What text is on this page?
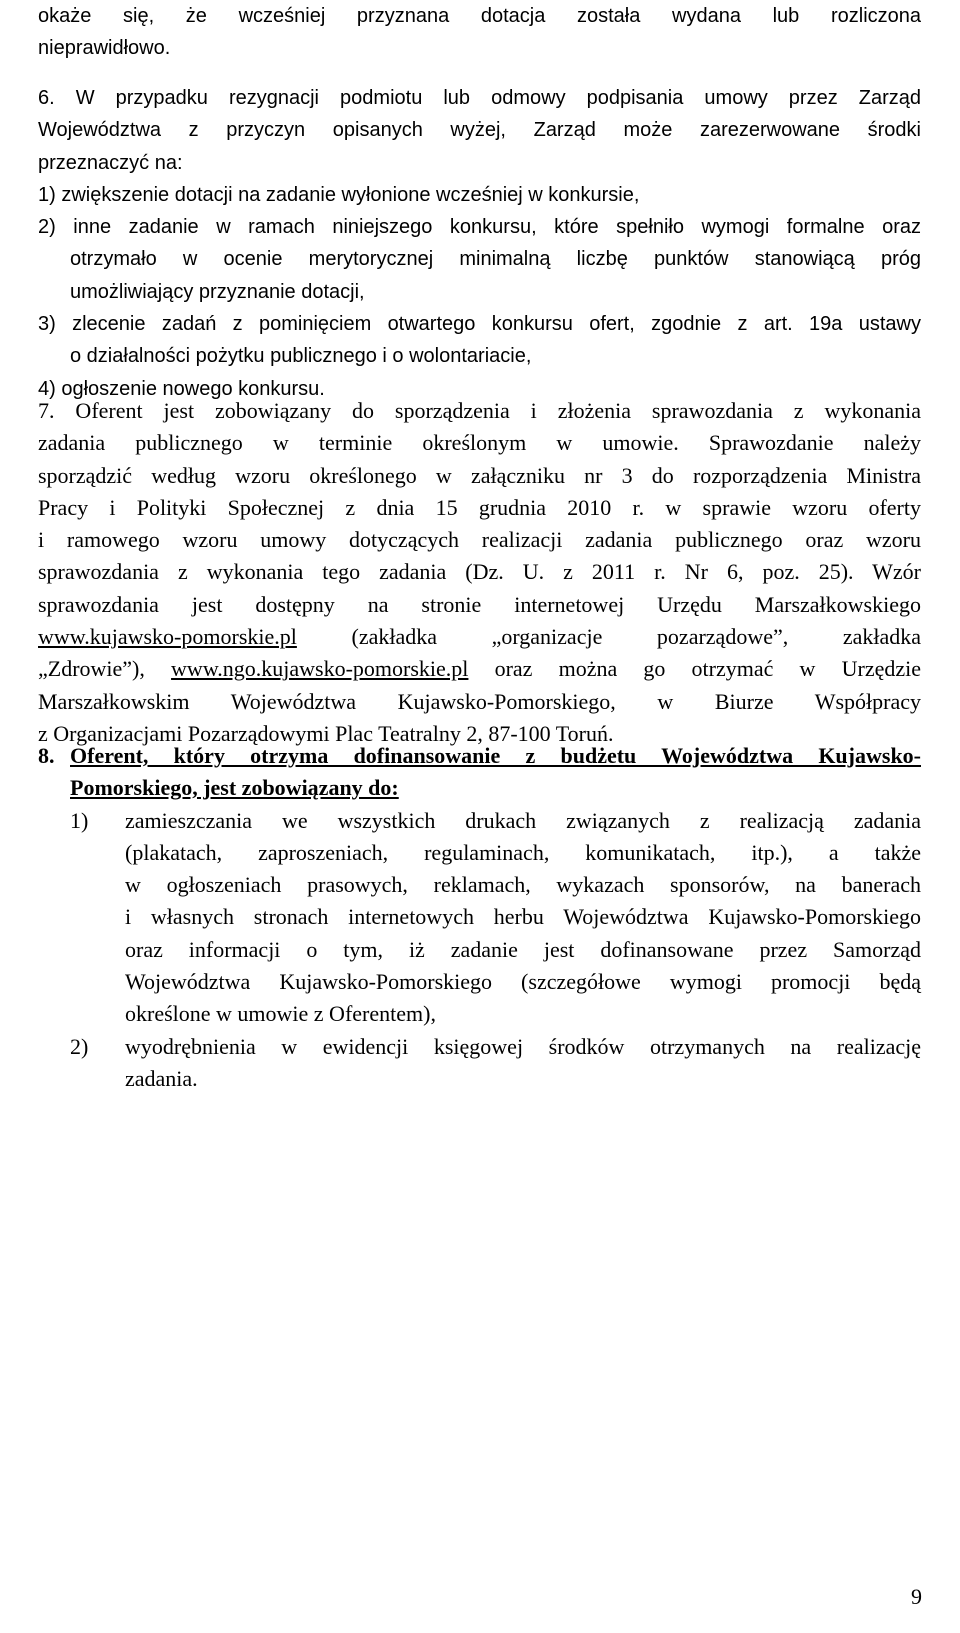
okaże się, że wcześniej przyznana dotacja została wydana lub rozliczona
nieprawidłowo.
6. W przypadku rezygnacji podmiotu lub odmowy podpisania umowy przez Zarząd
Województwa z przyczyn opisanych wyżej, Zarząd może zarezerwowane środki
przeznaczyć na:
1) zwiększenie dotacji na zadanie wyłonione wcześniej w konkursie,
2) inne zadanie w ramach niniejszego konkursu, które spełniło wymogi formalne oraz
otrzymało w ocenie merytorycznej minimalną liczbę punktów stanowiącą próg
umożliwiający przyznanie dotacji,
3) zlecenie zadań z pominięciem otwartego konkursu ofert, zgodnie z art. 19a ustawy
o działalności pożytku publicznego i o wolontariacie,
4) ogłoszenie nowego konkursu.
7. Oferent jest zobowiązany do sporządzenia i złożenia sprawozdania z wykonania
zadania publicznego w terminie określonym w umowie. Sprawozdanie należy
sporządzić według wzoru określonego w załączniku nr 3 do rozporządzenia Ministra
Pracy i Polityki Społecznej z dnia 15 grudnia 2010 r. w sprawie wzoru oferty
i ramowego wzoru umowy dotyczących realizacji zadania publicznego oraz wzoru
sprawozdania z wykonania tego zadania (Dz. U. z 2011 r. Nr 6, poz. 25). Wzór
sprawozdania jest dostępny na stronie internetowej Urzędu Marszałkowskiego
www.kujawsko-pomorskie.pl (zakładka „organizacje pozarządowe”, zakładka
„Zdrowie”), www.ngo.kujawsko-pomorskie.pl oraz można go otrzymać w Urzędzie
Marszałkowskim Województwa Kujawsko-Pomorskiego, w Biurze Współpracy
z Organizacjami Pozarządowymi Plac Teatralny 2, 87-100 Toruń.
8. Oferent, który otrzyma dofinansowanie z budżetu Województwa Kujawsko-
Pomorskiego, jest zobowiązany do:
1)	zamieszczania we wszystkich drukach związanych z realizacją zadania
(plakatach, zaproszeniach, regulaminach, komunikatach, itp.), a także
w ogłoszeniach prasowych, reklamach, wykazach sponsorów, na banerach
i własnych stronach internetowych herbu Województwa Kujawsko-Pomorskiego
oraz informacji o tym, iż zadanie jest dofinansowane przez Samorząd
Województwa Kujawsko-Pomorskiego (szczegółowe wymogi promocji będą
określone w umowie z Oferentem),
2)	wyodrębnienia w ewidencji księgowej środków otrzymanych na realizację
zadania.
9
